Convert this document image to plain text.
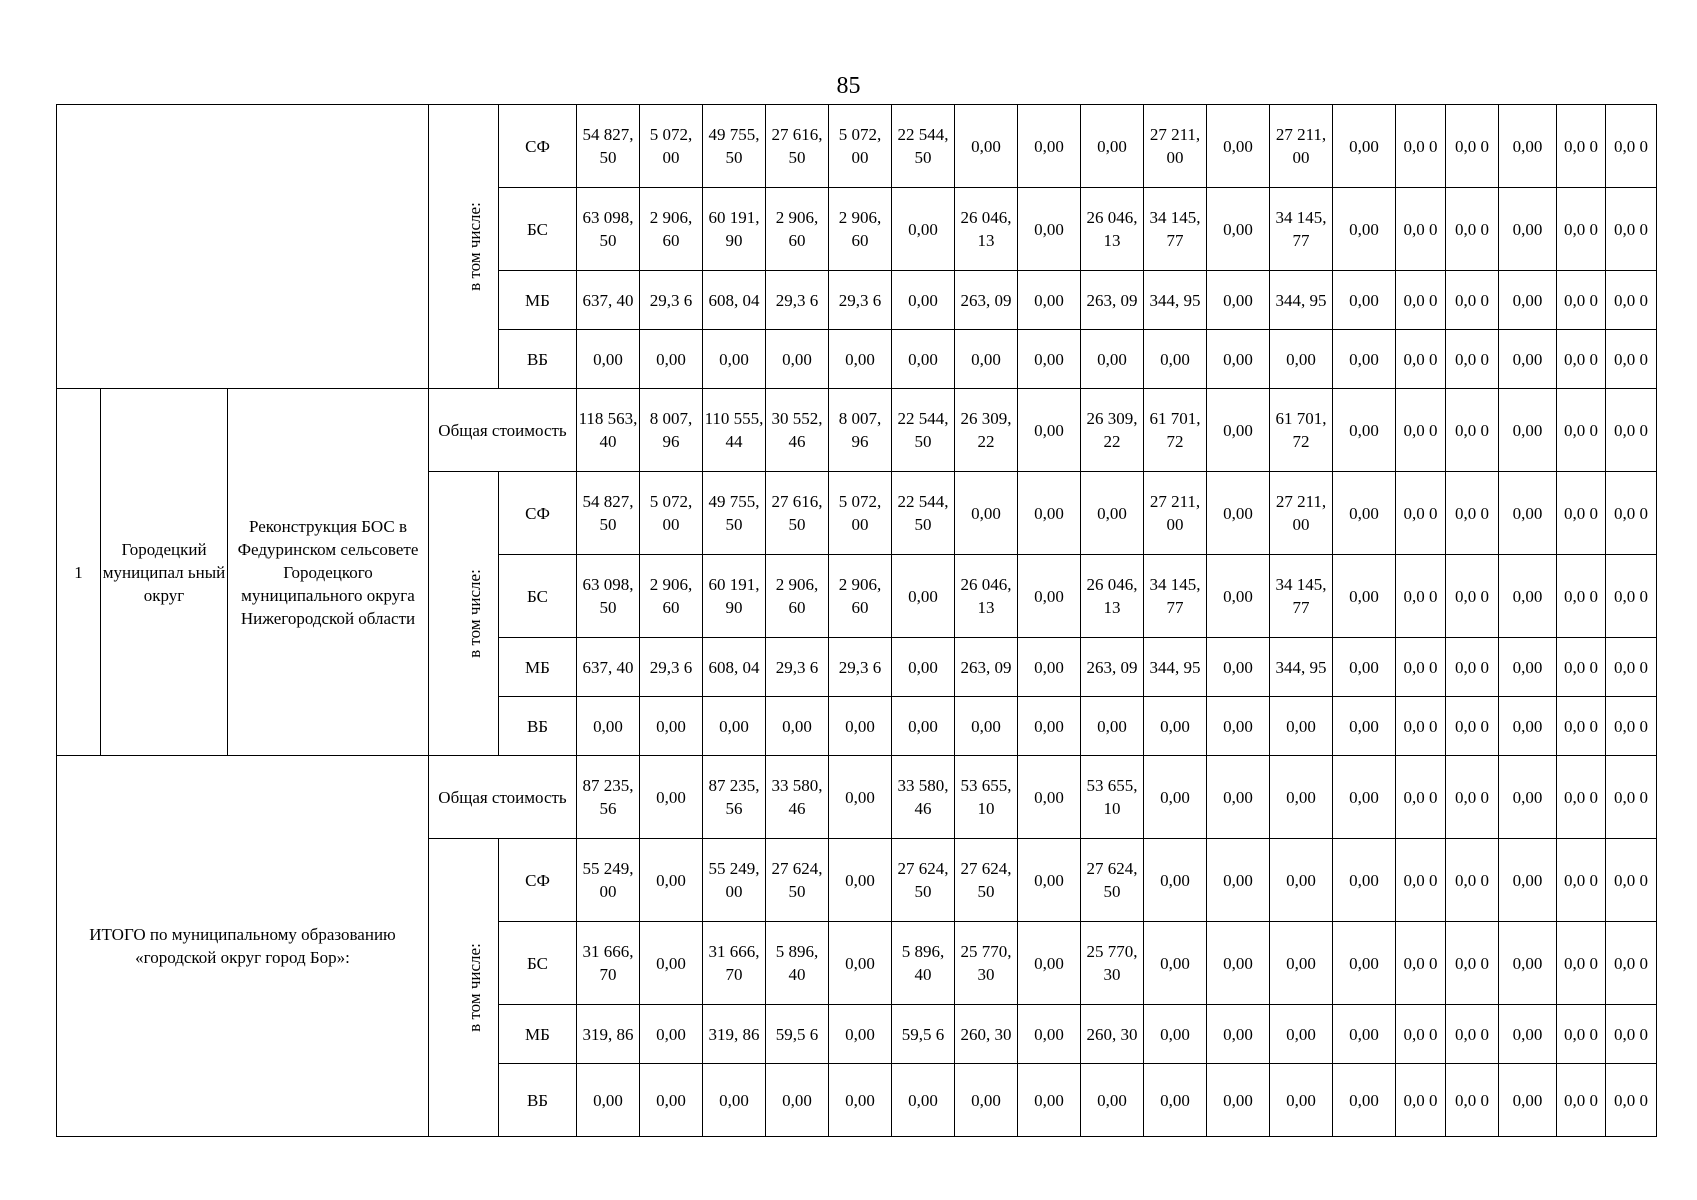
85
			в том числе:	СФ	54 827, 50	5 072, 00	49 755, 50	27 616, 50	5 072, 00	22 544, 50	0,00	0,00	0,00	27 211, 00	0,00	27 211, 00	0,00	0,0 0	0,0 0	0,00	0,0 0	0,0 0
				БС	63 098, 50	2 906, 60	60 191, 90	2 906, 60	2 906, 60	0,00	26 046, 13	0,00	26 046, 13	34 145, 77	0,00	34 145, 77	0,00	0,0 0	0,0 0	0,00	0,0 0	0,0 0
				МБ	637, 40	29,3 6	608, 04	29,3 6	29,3 6	0,00	263, 09	0,00	263, 09	344, 95	0,00	344, 95	0,00	0,0 0	0,0 0	0,00	0,0 0	0,0 0
				ВБ	0,00	0,00	0,00	0,00	0,00	0,00	0,00	0,00	0,00	0,00	0,00	0,00	0,00	0,0 0	0,0 0	0,00	0,0 0	0,0 0
1	Городецкий муниципал ьный округ	Реконструкция БОС в Федуринском сельсовете Городецкого муниципального округа Нижегородской области	Общая стоимость		118 563, 40	8 007, 96	110 555, 44	30 552, 46	8 007, 96	22 544, 50	26 309, 22	0,00	26 309, 22	61 701, 72	0,00	61 701, 72	0,00	0,0 0	0,0 0	0,00	0,0 0	0,0 0
			в том числе:	СФ	54 827, 50	5 072, 00	49 755, 50	27 616, 50	5 072, 00	22 544, 50	0,00	0,00	0,00	27 211, 00	0,00	27 211, 00	0,00	0,0 0	0,0 0	0,00	0,0 0	0,0 0
				БС	63 098, 50	2 906, 60	60 191, 90	2 906, 60	2 906, 60	0,00	26 046, 13	0,00	26 046, 13	34 145, 77	0,00	34 145, 77	0,00	0,0 0	0,0 0	0,00	0,0 0	0,0 0
				МБ	637, 40	29,3 6	608, 04	29,3 6	29,3 6	0,00	263, 09	0,00	263, 09	344, 95	0,00	344, 95	0,00	0,0 0	0,0 0	0,00	0,0 0	0,0 0
				ВБ	0,00	0,00	0,00	0,00	0,00	0,00	0,00	0,00	0,00	0,00	0,00	0,00	0,00	0,0 0	0,0 0	0,00	0,0 0	0,0 0
ИТОГО по муниципальному образованию «городской округ город Бор»:			Общая стоимость		87 235, 56	0,00	87 235, 56	33 580, 46	0,00	33 580, 46	53 655, 10	0,00	53 655, 10	0,00	0,00	0,00	0,00	0,0 0	0,0 0	0,00	0,0 0	0,0 0
			в том числе:	СФ	55 249, 00	0,00	55 249, 00	27 624, 50	0,00	27 624, 50	27 624, 50	0,00	27 624, 50	0,00	0,00	0,00	0,00	0,0 0	0,0 0	0,00	0,0 0	0,0 0
				БС	31 666, 70	0,00	31 666, 70	5 896, 40	0,00	5 896, 40	25 770, 30	0,00	25 770, 30	0,00	0,00	0,00	0,00	0,0 0	0,0 0	0,00	0,0 0	0,0 0
				МБ	319, 86	0,00	319, 86	59,5 6	0,00	59,5 6	260, 30	0,00	260, 30	0,00	0,00	0,00	0,00	0,0 0	0,0 0	0,00	0,0 0	0,0 0
				ВБ	0,00	0,00	0,00	0,00	0,00	0,00	0,00	0,00	0,00	0,00	0,00	0,00	0,00	0,0 0	0,0 0	0,00	0,0 0	0,0 0
